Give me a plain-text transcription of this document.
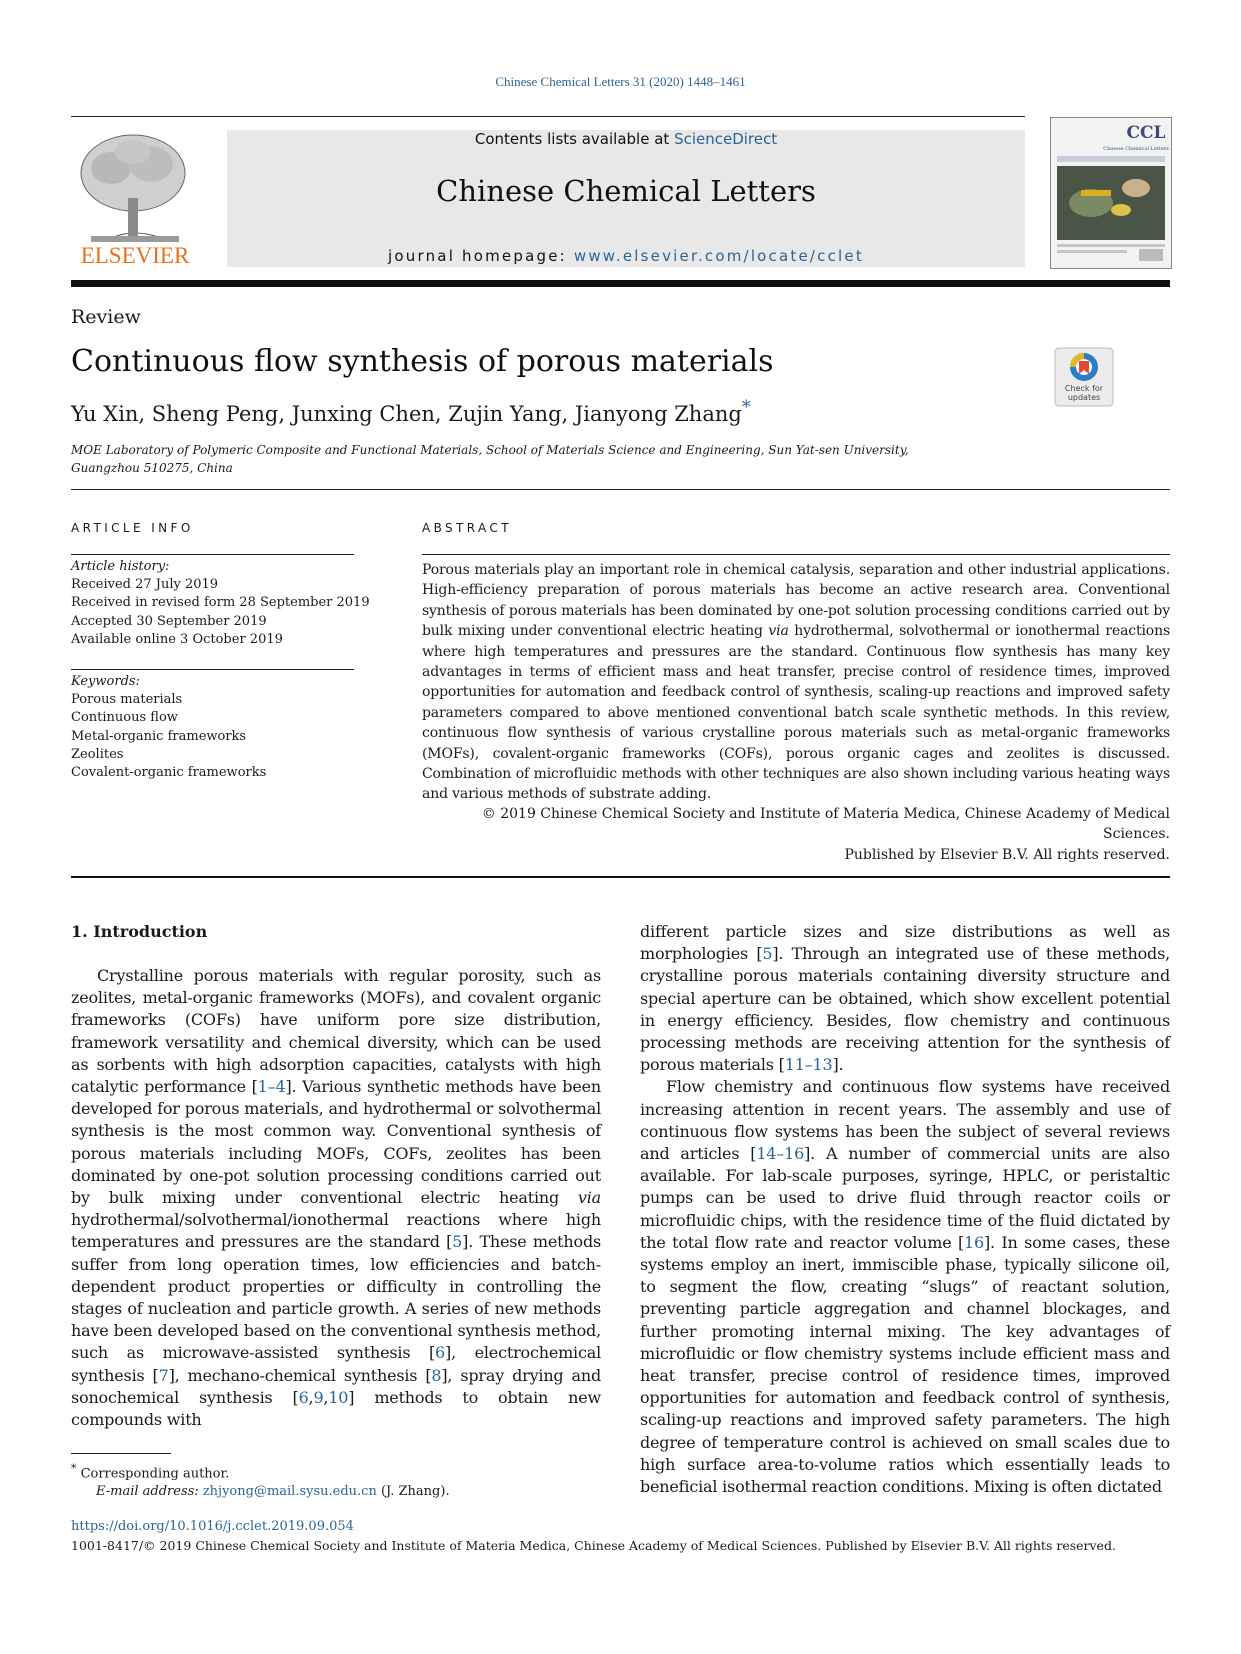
Chinese Chemical Letters 31 (2020) 1448–1461
ELSEVIER
Contents lists available at ScienceDirect
Chinese Chemical Letters
journal homepage: www.elsevier.com/locate/cclet
CCL
Chinese Chemical Letters
Review
Continuous flow synthesis of porous materials
Check for
updates
Yu Xin, Sheng Peng, Junxing Chen, Zujin Yang, Jianyong Zhang*
MOE Laboratory of Polymeric Composite and Functional Materials, School of Materials Science and Engineering, Sun Yat-sen University, Guangzhou 510275, China
ARTICLE INFO
Article history:
Received 27 July 2019
Received in revised form 28 September 2019
Accepted 30 September 2019
Available online 3 October 2019
Keywords:
Porous materials
Continuous flow
Metal-organic frameworks
Zeolites
Covalent-organic frameworks
ABSTRACT
Porous materials play an important role in chemical catalysis, separation and other industrial applications. High-efficiency preparation of porous materials has become an active research area. Conventional synthesis of porous materials has been dominated by one-pot solution processing conditions carried out by bulk mixing under conventional electric heating via hydrothermal, solvothermal or ionothermal reactions where high temperatures and pressures are the standard. Continuous flow synthesis has many key advantages in terms of efficient mass and heat transfer, precise control of residence times, improved opportunities for automation and feedback control of synthesis, scaling-up reactions and improved safety parameters compared to above mentioned conventional batch scale synthetic methods. In this review, continuous flow synthesis of various crystalline porous materials such as metal-organic frameworks (MOFs), covalent-organic frameworks (COFs), porous organic cages and zeolites is discussed. Combination of microfluidic methods with other techniques are also shown including various heating ways and various methods of substrate adding.
© 2019 Chinese Chemical Society and Institute of Materia Medica, Chinese Academy of Medical Sciences.
Published by Elsevier B.V. All rights reserved.
1. Introduction

Crystalline porous materials with regular porosity, such as zeolites, metal-organic frameworks (MOFs), and covalent organic frameworks (COFs) have uniform pore size distribution, framework versatility and chemical diversity, which can be used as sorbents with high adsorption capacities, catalysts with high catalytic performance [1–4]. Various synthetic methods have been developed for porous materials, and hydrothermal or solvothermal synthesis is the most common way. Conventional synthesis of porous materials including MOFs, COFs, zeolites has been dominated by one-pot solution processing conditions carried out by bulk mixing under conventional electric heating via hydrothermal/solvothermal/ionothermal reactions where high temperatures and pressures are the standard [5]. These methods suffer from long operation times, low efficiencies and batch-dependent product properties or difficulty in controlling the stages of nucleation and particle growth. A series of new methods have been developed based on the conventional synthesis method, such as microwave-assisted synthesis [6], electrochemical synthesis [7], mechano-chemical synthesis [8], spray drying and sonochemical synthesis [6,9,10] methods to obtain new compounds with

different particle sizes and size distributions as well as morphologies [5]. Through an integrated use of these methods, crystalline porous materials containing diversity structure and special aperture can be obtained, which show excellent potential in energy efficiency. Besides, flow chemistry and continuous processing methods are receiving attention for the synthesis of porous materials [11–13].

Flow chemistry and continuous flow systems have received increasing attention in recent years. The assembly and use of continuous flow systems has been the subject of several reviews and articles [14–16]. A number of commercial units are also available. For lab-scale purposes, syringe, HPLC, or peristaltic pumps can be used to drive fluid through reactor coils or microfluidic chips, with the residence time of the fluid dictated by the total flow rate and reactor volume [16]. In some cases, these systems employ an inert, immiscible phase, typically silicone oil, to segment the flow, creating “slugs” of reactant solution, preventing particle aggregation and channel blockages, and further promoting internal mixing. The key advantages of microfluidic or flow chemistry systems include efficient mass and heat transfer, precise control of residence times, improved opportunities for automation and feedback control of synthesis, scaling-up reactions and improved safety parameters. The high degree of temperature control is achieved on small scales due to high surface area-to-volume ratios which essentially leads to beneficial isothermal reaction conditions. Mixing is often dictated

* Corresponding author.
E-mail address: zhjyong@mail.sysu.edu.cn (J. Zhang).
https://doi.org/10.1016/j.cclet.2019.09.054
1001-8417/© 2019 Chinese Chemical Society and Institute of Materia Medica, Chinese Academy of Medical Sciences. Published by Elsevier B.V. All rights reserved.
